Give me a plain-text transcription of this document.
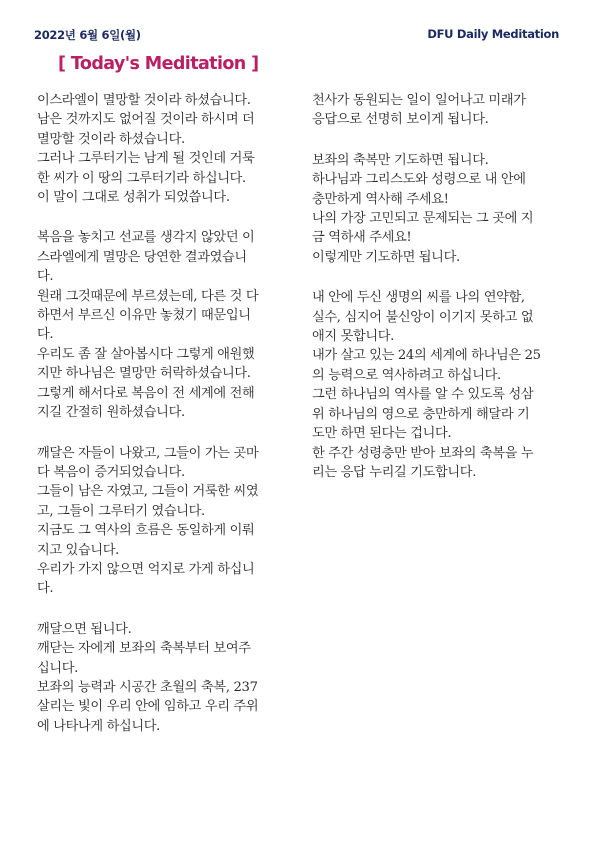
2022년 6월 6일(월)	DFU Daily Meditation
[ Today's Meditation ]
이스라엘이 멸망할 것이라 하셨습니다.
남은 것까지도 없어질 것이라 하시며 더
멸망할 것이라 하셨습니다.
그러나 그루터기는 남게 될 것인데 거룩
한 씨가 이 땅의 그루터기라 하십니다.
이 말이 그대로 성취가 되었씁니다.
복음을 놓치고 선교를 생각지 않았던 이
스라엘에게 멸망은 당연한 결과였습니
다.
원래 그것때문에 부르셨는데, 다른 것 다
하면서 부르신 이유만 놓쳤기 때문입니
다.
우리도 좀 잘 살아봅시다 그렇게 애원했
지만 하나님은 멸망만 허락하셨습니다.
그렇게 해서다로 복음이 전 세계에 전해
지길 간절히 원하셨습니다.
깨달은 자들이 나왔고, 그들이 가는 곳마
다 복음이 증거되었습니다.
그들이 남은 자였고, 그들이 거룩한 씨였
고, 그들이 그루터기 였습니다.
지금도 그 역사의 흐름은 동일하게 이뤄
지고 있습니다.
우리가 가지 않으면 억지로 가게 하십니
다.
깨달으면 됩니다.
깨닫는 자에게 보좌의 축복부터 보여주
십니다.
보좌의 능력과 시공간 초월의 축복, 237
살리는 빛이 우리 안에 임하고 우리 주위
에 나타나게 하십니다.
천사가 동원되는 일이 일어나고 미래가
응답으로 선명히 보이게 됩니다.
보좌의 축복만 기도하면 됩니다.
하나님과 그리스도와 성령으로 내 안에
충만하게 역사해 주세요!
나의 가장 고민되고 문제되는 그 곳에 지
금 역하새 주세요!
이렇게만 기도하면 됩니다.
내 안에 두신 생명의 씨를 나의 연약함,
실수, 심지어 불신앙이 이기지 못하고 없
애지 못합니다.
내가 살고 있는 24의 세계에 하나님은 25
의 능력으로 역사하려고 하십니다.
그런 하나님의 역사를 알 수 있도록 성삼
위 하나님의 영으로 충만하게 해달라 기
도만 하면 된다는 겁니다.
한 주간 성령충만 받아 보좌의 축복을 누
리는 응답 누리길 기도합니다.
